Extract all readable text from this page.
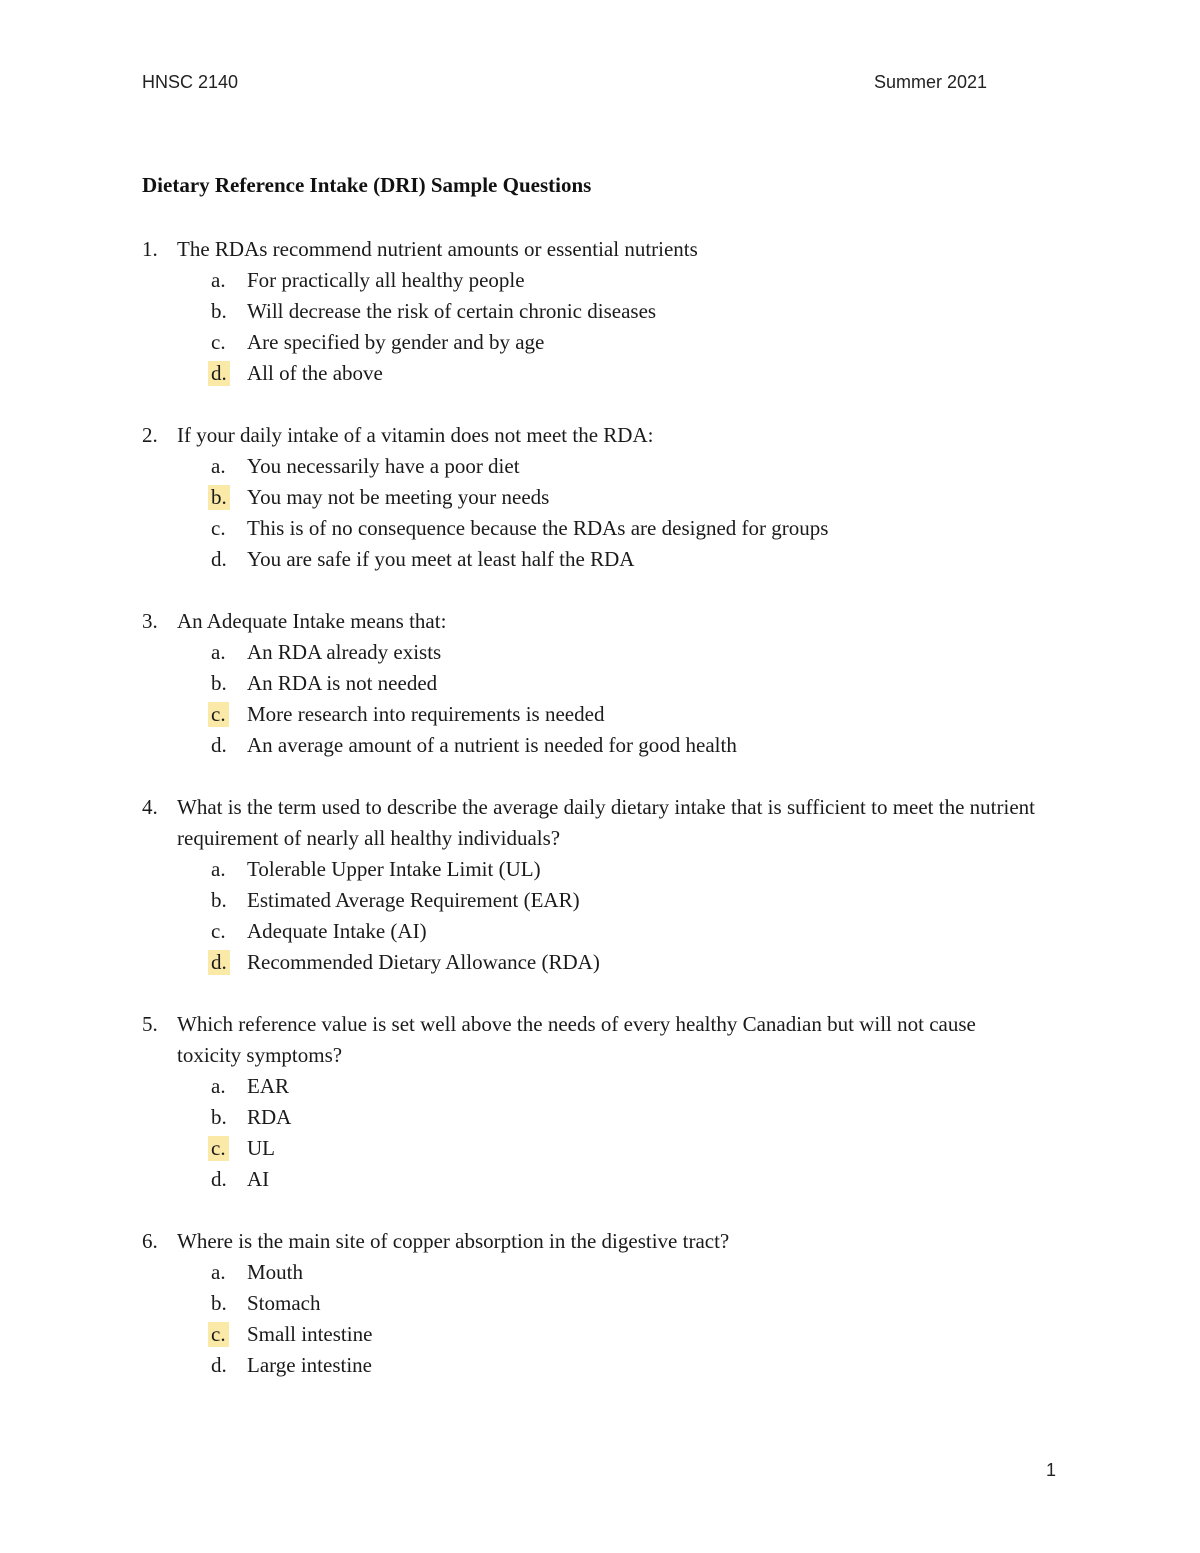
HNSC 2140	Summer 2021
Dietary Reference Intake (DRI) Sample Questions
1. The RDAs recommend nutrient amounts or essential nutrients
a. For practically all healthy people
b. Will decrease the risk of certain chronic diseases
c. Are specified by gender and by age
d. All of the above
2. If your daily intake of a vitamin does not meet the RDA:
a. You necessarily have a poor diet
b. You may not be meeting your needs
c. This is of no consequence because the RDAs are designed for groups
d. You are safe if you meet at least half the RDA
3. An Adequate Intake means that:
a. An RDA already exists
b. An RDA is not needed
c. More research into requirements is needed
d. An average amount of a nutrient is needed for good health
4. What is the term used to describe the average daily dietary intake that is sufficient to meet the nutrient requirement of nearly all healthy individuals?
a. Tolerable Upper Intake Limit (UL)
b. Estimated Average Requirement (EAR)
c. Adequate Intake (AI)
d. Recommended Dietary Allowance (RDA)
5. Which reference value is set well above the needs of every healthy Canadian but will not cause toxicity symptoms?
a. EAR
b. RDA
c. UL
d. AI
6. Where is the main site of copper absorption in the digestive tract?
a. Mouth
b. Stomach
c. Small intestine
d. Large intestine
1
